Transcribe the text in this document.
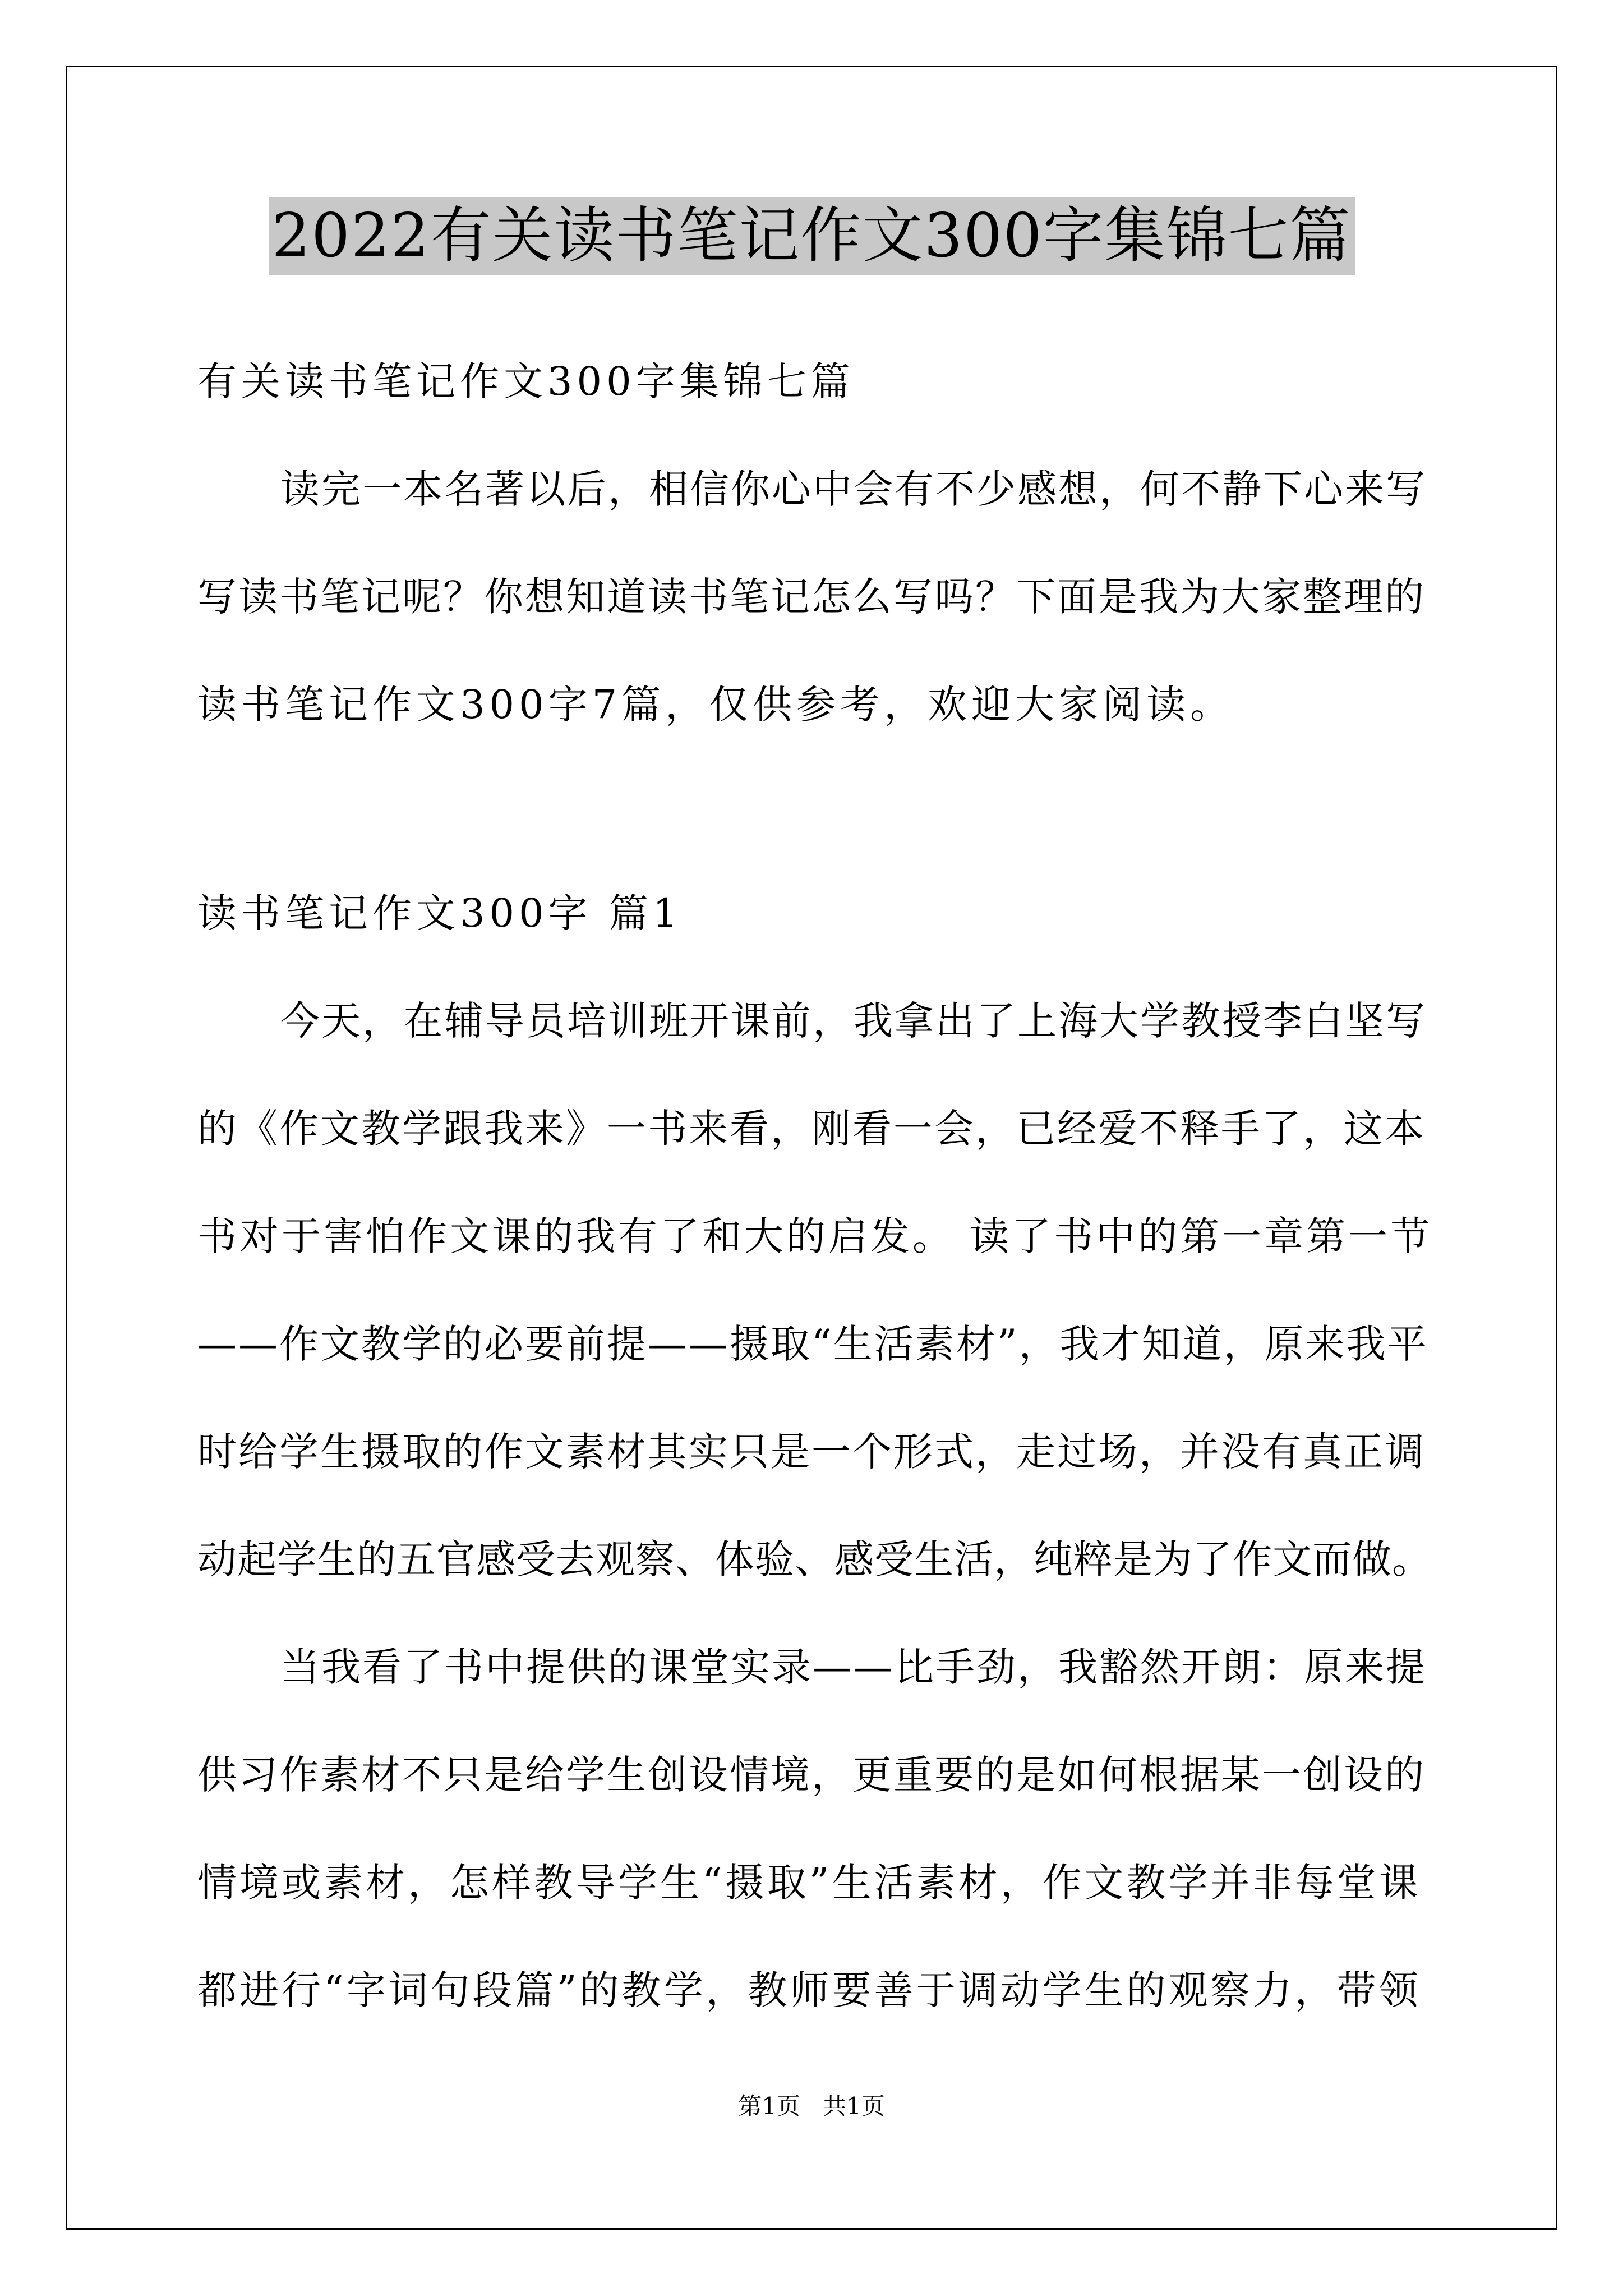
2022有关读书笔记作文300字集锦七篇
有关读书笔记作文300字集锦七篇
读完一本名著以后，相信你心中会有不少感想，何不静下心来写
写读书笔记呢？你想知道读书笔记怎么写吗？下面是我为大家整理的
读书笔记作文300字7篇，仅供参考，欢迎大家阅读。
读书笔记作文300字 篇1
今天，在辅导员培训班开课前，我拿出了上海大学教授李白坚写
的《作文教学跟我来》一书来看，刚看一会，已经爱不释手了，这本
书对于害怕作文课的我有了和大的启发。 读了书中的第一章第一节
——作文教学的必要前提——摄取“生活素材”，我才知道，原来我平
时给学生摄取的作文素材其实只是一个形式，走过场，并没有真正调
动起学生的五官感受去观察、体验、感受生活，纯粹是为了作文而做。
当我看了书中提供的课堂实录——比手劲，我豁然开朗：原来提
供习作素材不只是给学生创设情境，更重要的是如何根据某一创设的
情境或素材，怎样教导学生“摄取”生活素材，作文教学并非每堂课
都进行“字词句段篇”的教学，教师要善于调动学生的观察力，带领
第1页 共1页
